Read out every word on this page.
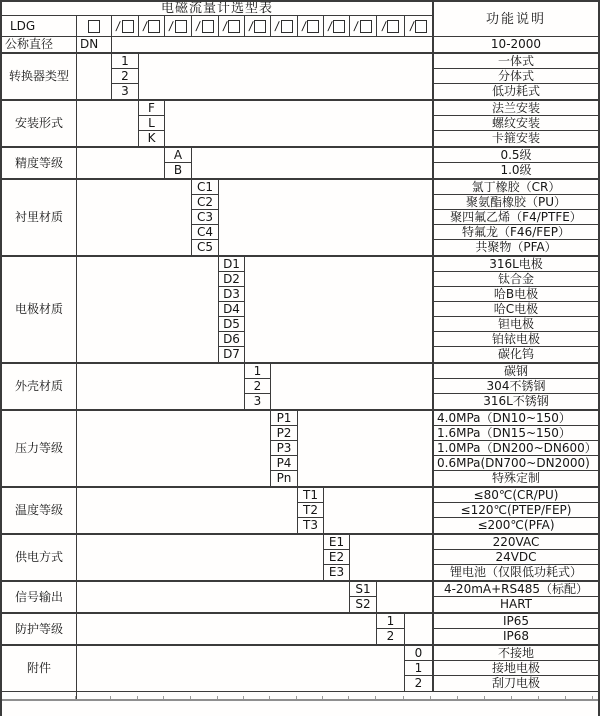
电磁流量计选型表
功能说明
LDG	/ / / / / / / / / / / /
公称直径	DN	10-2000
转换器类型
1	一体式
2	分体式
3	低功耗式
安装形式
F	法兰安装
L	螺纹安装
K	卡箍安装
精度等级
A	0.5级
B	1.0级
衬里材质
C1	氯丁橡胶（CR）
C2	聚氨酯橡胶（PU）
C3	聚四氟乙烯（F4/PTFE）
C4	特氟龙（F46/FEP）
C5	共聚物（PFA）
电极材质
D1	316L电极
D2	钛合金
D3	哈B电极
D4	哈C电极
D5	钽电极
D6	铂铱电极
D7	碳化钨
外壳材质
1	碳钢
2	304不锈钢
3	316L不锈钢
压力等级
P1	4.0MPa（DN10~150）
P2	1.6MPa（DN15~150）
P3	1.0MPa（DN200~DN600）
P4	0.6MPa(DN700~DN2000)
Pn	特殊定制
温度等级
T1	≤80℃(CR/PU)
T2	≤120℃(PTEP/FEP)
T3	≤200℃(PFA)
供电方式
E1	220VAC
E2	24VDC
E3	锂电池（仅限低功耗式）
信号输出
S1	4-20mA+RS485（标配）
S2	HART
防护等级
1	IP65
2	IP68
附件
0	不接地
1	接地电极
2	刮刀电极
